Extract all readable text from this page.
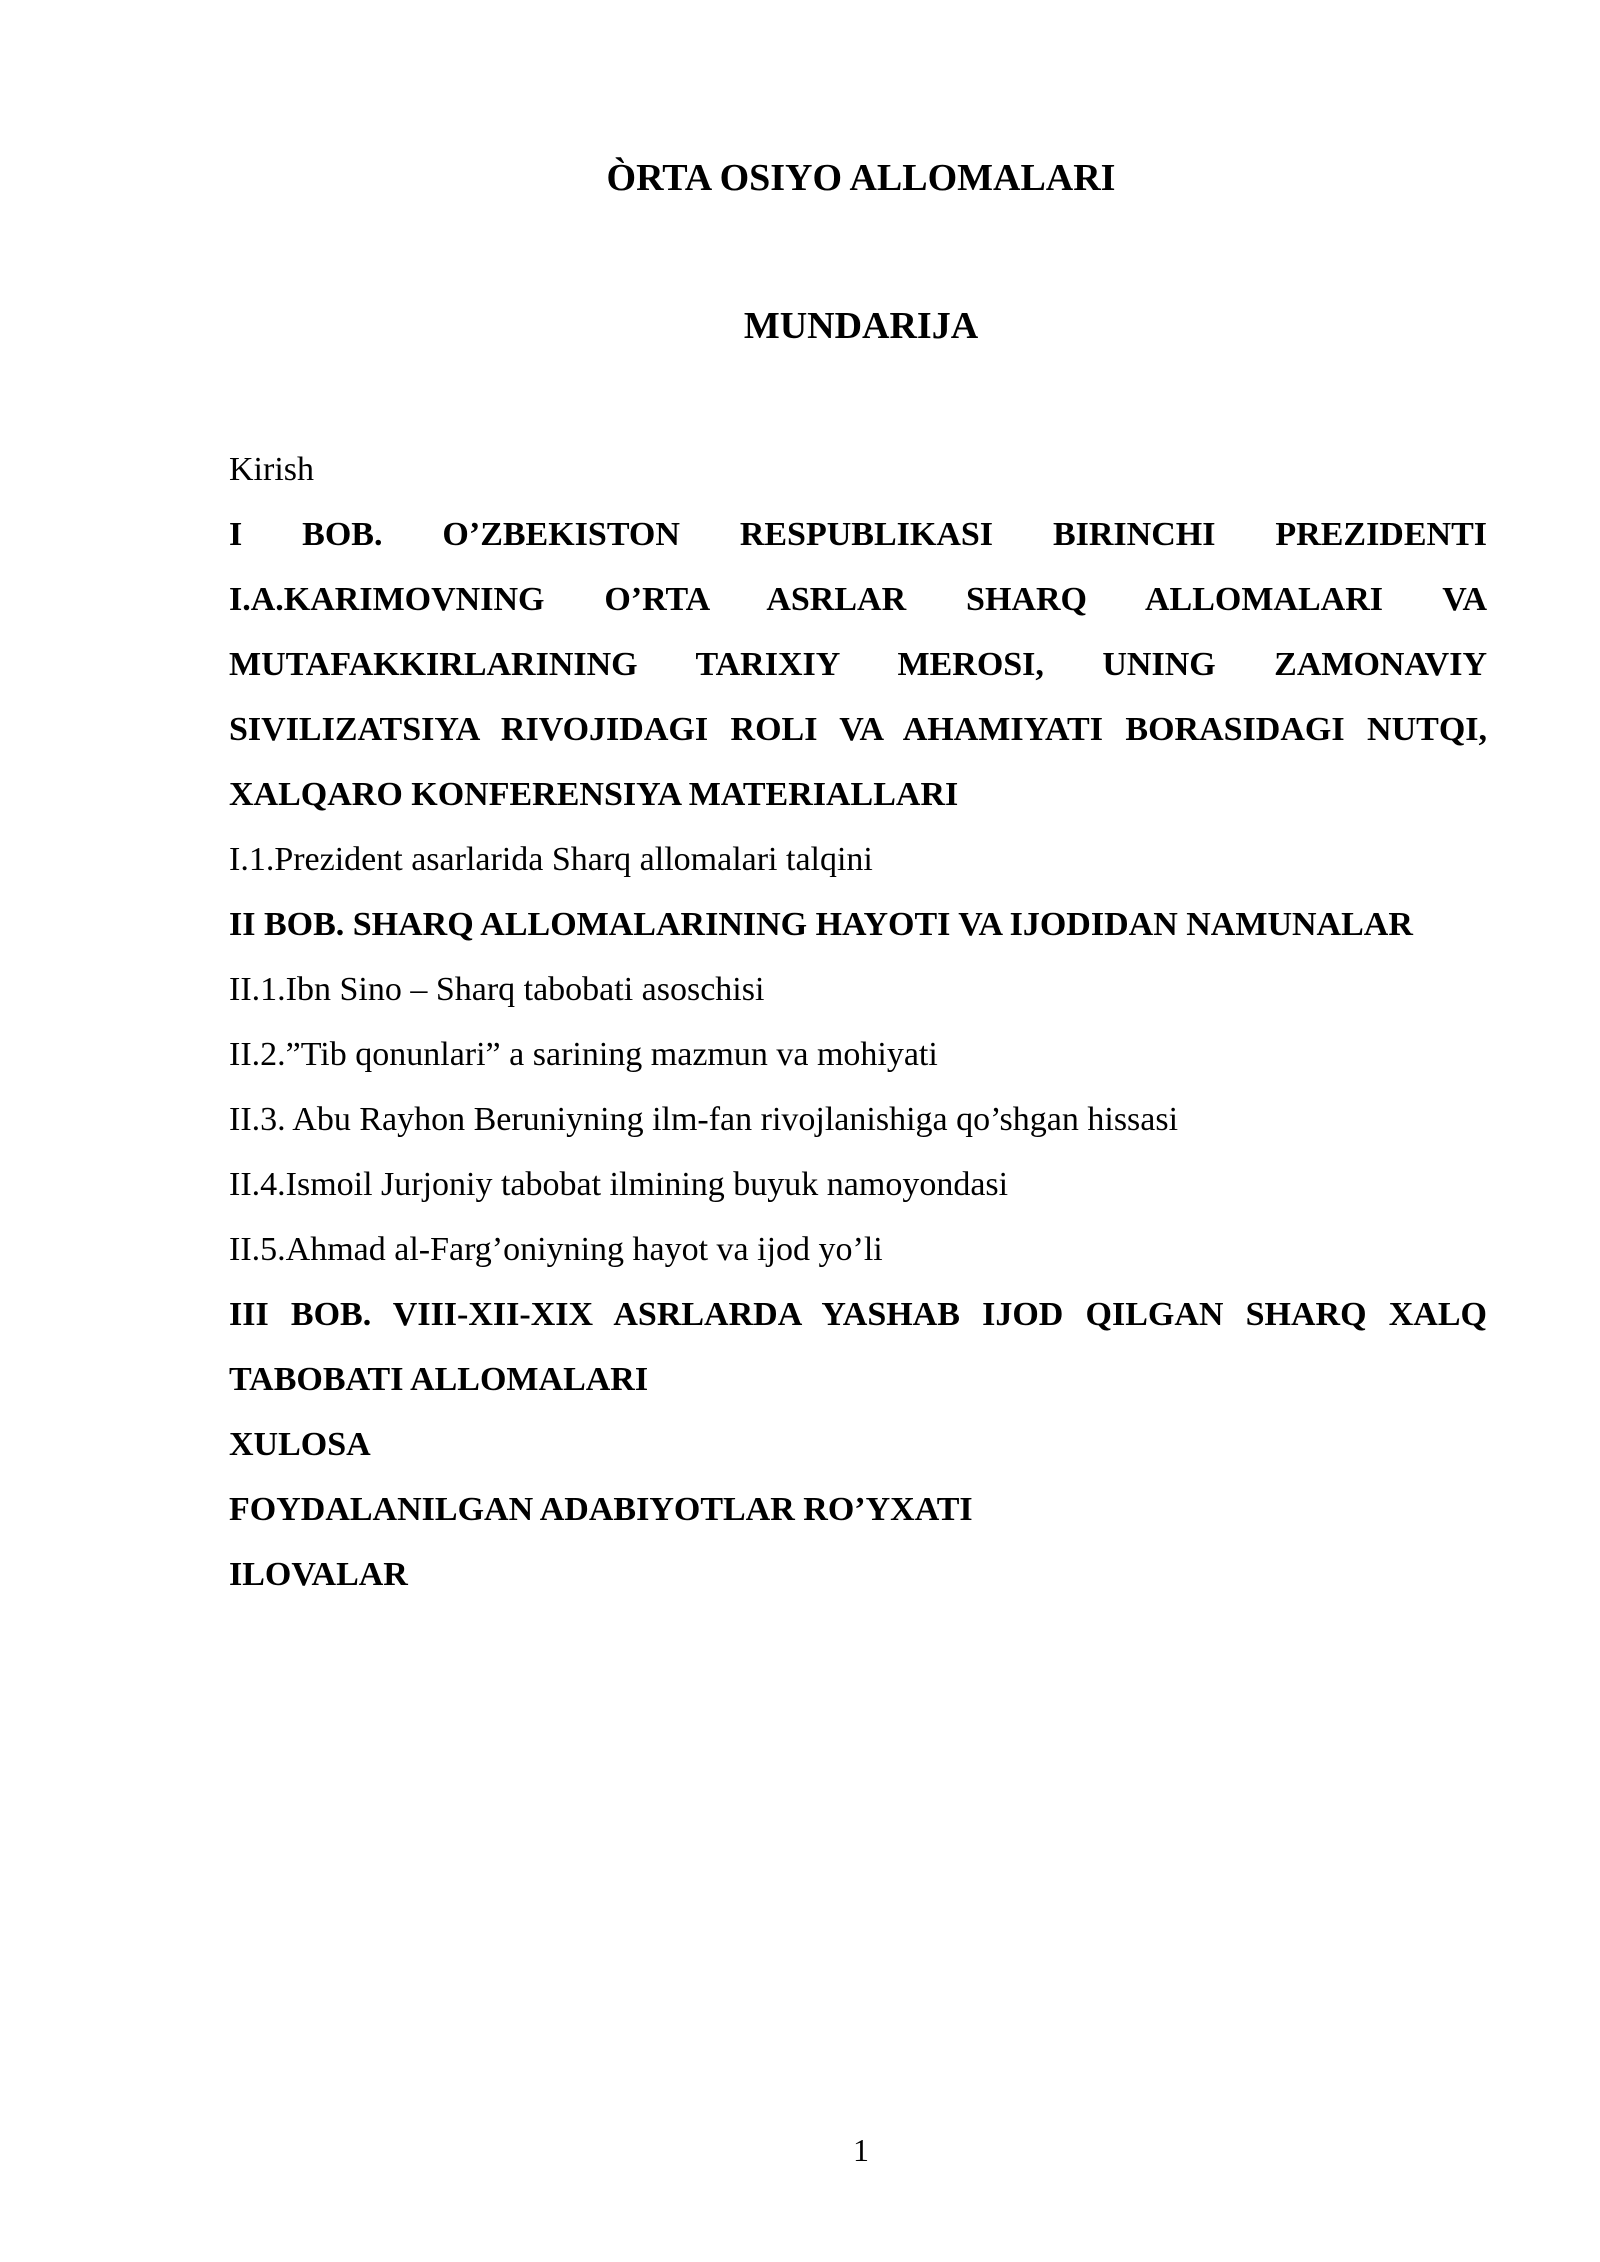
ÒRTA OSIYO ALLOMALARI
MUNDARIJA
Kirish
I BOB. O’ZBEKISTON RESPUBLIKASI BIRINCHI PREZIDENTI I.A.KARIMOVNING O’RTA ASRLAR SHARQ ALLOMALARI VA MUTAFAKKIRLARINING TARIXIY MEROSI, UNING ZAMONAVIY SIVILIZATSIYA RIVOJIDAGI ROLI VA AHAMIYATI BORASIDAGI NUTQI, XALQARO KONFERENSIYA MATERIALLARI
I.1.Prezident asarlarida Sharq allomalari talqini
II BOB. SHARQ ALLOMALARINING HAYOTI VA IJODIDAN NAMUNALAR
II.1.Ibn Sino – Sharq tabobati asoschisi
II.2.”Tib qonunlari” a sarining mazmun va mohiyati
II.3. Abu Rayhon Beruniyning ilm-fan rivojlanishiga qo’shgan hissasi
II.4.Ismoil Jurjoniy tabobat ilmining buyuk namoyondasi
II.5.Ahmad al-Farg’oniyning hayot va ijod yo’li
III BOB. VIII-XII-XIX ASRLARDA YASHAB IJOD QILGAN SHARQ XALQ TABOBATI ALLOMALARI
XULOSA
FOYDALANILGAN ADABIYOTLAR RO’YXATI
ILOVALAR
1
